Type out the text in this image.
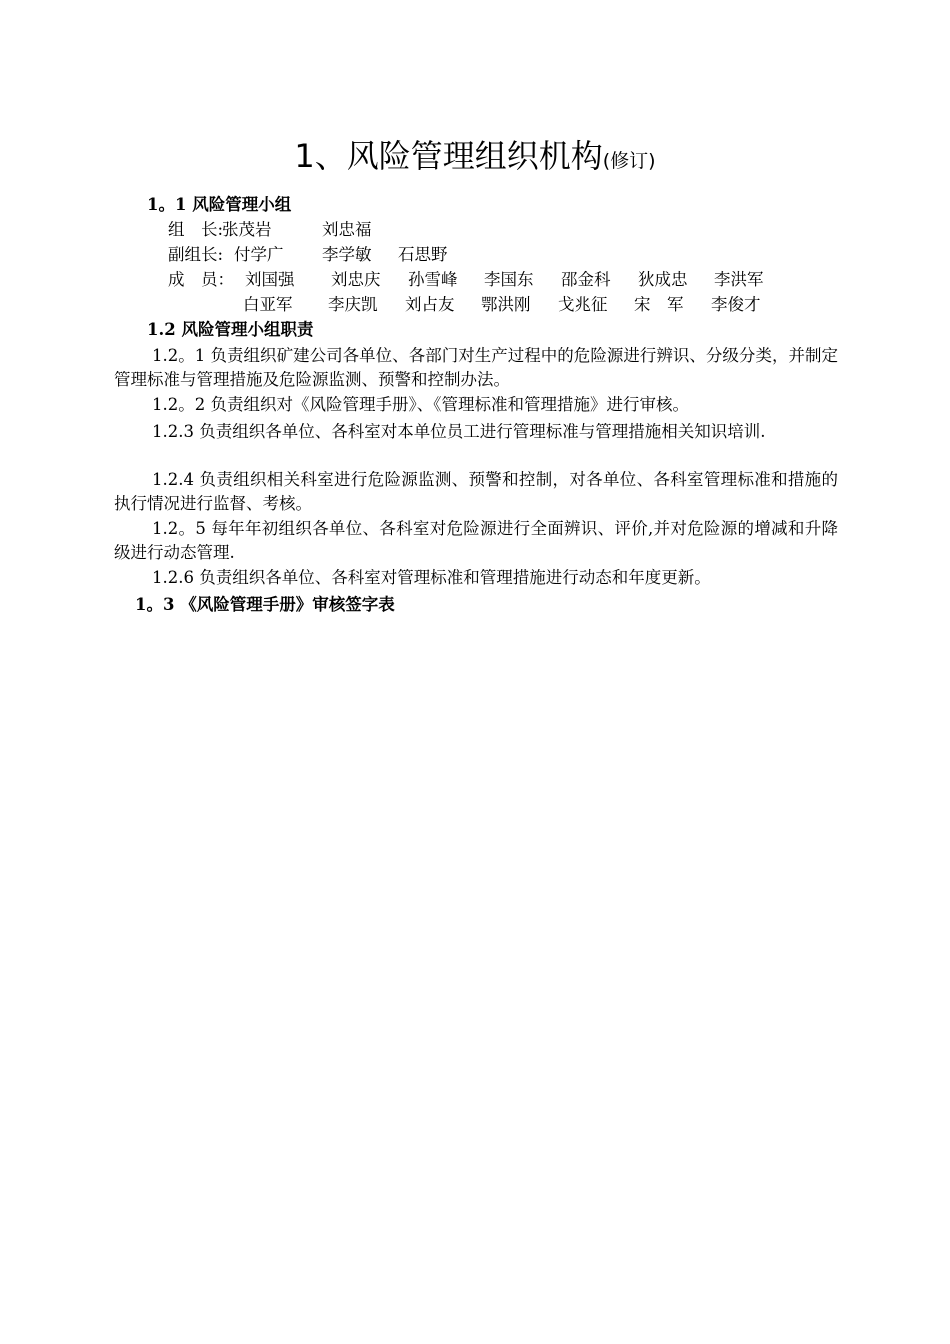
1、风险管理组织机构(修订)
1。1 风险管理小组
组　长:
张茂岩	刘忠福
副组长: 付学广 李学敏 石思野
成　员： 刘国强 刘忠庆 孙雪峰 李国东 邵金科 狄成忠 李洪军
白亚军 李庆凯 刘占友 鄂洪刚 戈兆征 宋　军 李俊才
1.2 风险管理小组职责
1.2。1 负责组织矿建公司各单位、各部门对生产过程中的危险源进行辨识、分级分类，并制定管理标准与管理措施及危险源监测、预警和控制办法。
1.2。2 负责组织对《风险管理手册》、《管理标准和管理措施》进行审核。
1.2.3 负责组织各单位、各科室对本单位员工进行管理标准与管理措施相关知识培训.
1.2.4 负责组织相关科室进行危险源监测、预警和控制，对各单位、各科室管理标准和措施的执行情况进行监督、考核。
1.2。5 每年年初组织各单位、各科室对危险源进行全面辨识、评价,并对危险源的增减和升降级进行动态管理.
1.2.6 负责组织各单位、各科室对管理标准和管理措施进行动态和年度更新。
1。3 《风险管理手册》审核签字表
